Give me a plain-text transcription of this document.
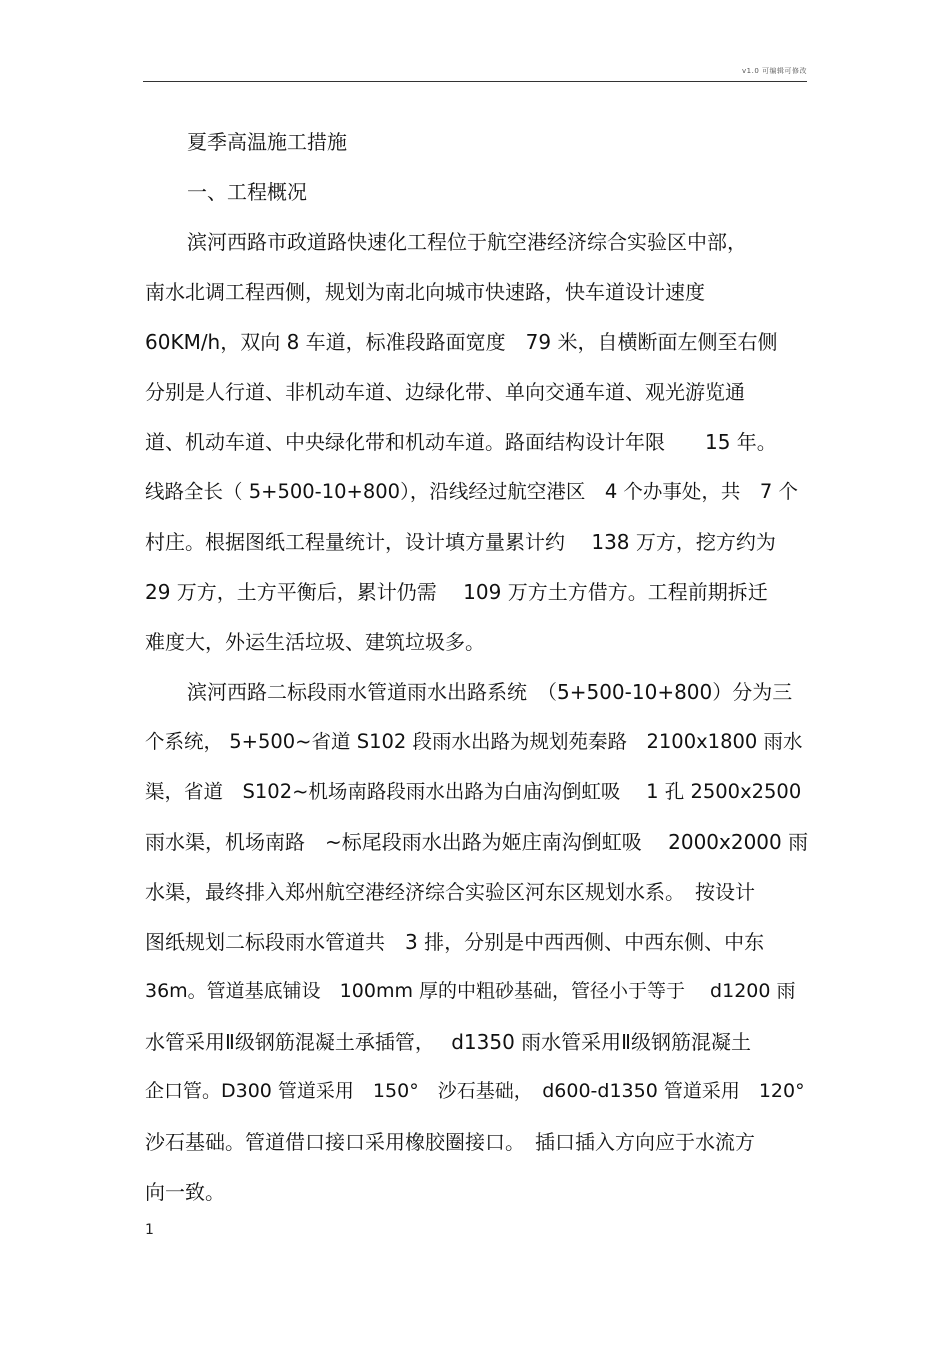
v1.0 可编辑可修改
夏季高温施工措施
一、工程概况
滨河西路市政道路快速化工程位于航空港经济综合实验区中部，
南水北调工程西侧，规划为南北向城市快速路，快车道设计速度
60KM/h，双向 8 车道，标准段路面宽度　79 米，自横断面左侧至右侧
分别是人行道、非机动车道、边绿化带、单向交通车道、观光游览通
道、机动车道、中央绿化带和机动车道。路面结构设计年限　　15 年。
线路全长（ 5+500-10+800），沿线经过航空港区　4 个办事处，共　7 个
村庄。根据图纸工程量统计，设计填方量累计约　 138 万方，挖方约为
29 万方，土方平衡后，累计仍需　 109 万方土方借方。工程前期拆迁
难度大，外运生活垃圾、建筑垃圾多。
滨河西路二标段雨水管道雨水出路系统　（5+500-10+800）分为三
个系统， 5+500~省道 S102 段雨水出路为规划苑秦路　2100x1800 雨水
渠，省道　S102~机场南路段雨水出路为白庙沟倒虹吸　 1 孔 2500x2500
雨水渠，机场南路　~标尾段雨水出路为姬庄南沟倒虹吸　 2000x2000 雨
水渠，最终排入郑州航空港经济综合实验区河东区规划水系。　按设计
图纸规划二标段雨水管道共　3 排，分别是中西西侧、中西东侧、中东
36m。管道基底铺设　100mm 厚的中粗砂基础，管径小于等于　 d1200 雨
水管采用Ⅱ级钢筋混凝土承插管，　 d1350 雨水管采用Ⅱ级钢筋混凝土
企口管。D300 管道采用　150°　沙石基础，　d600-d1350 管道采用　120°
沙石基础。管道借口接口采用橡胶圈接口。　插口插入方向应于水流方
向一致。
1
